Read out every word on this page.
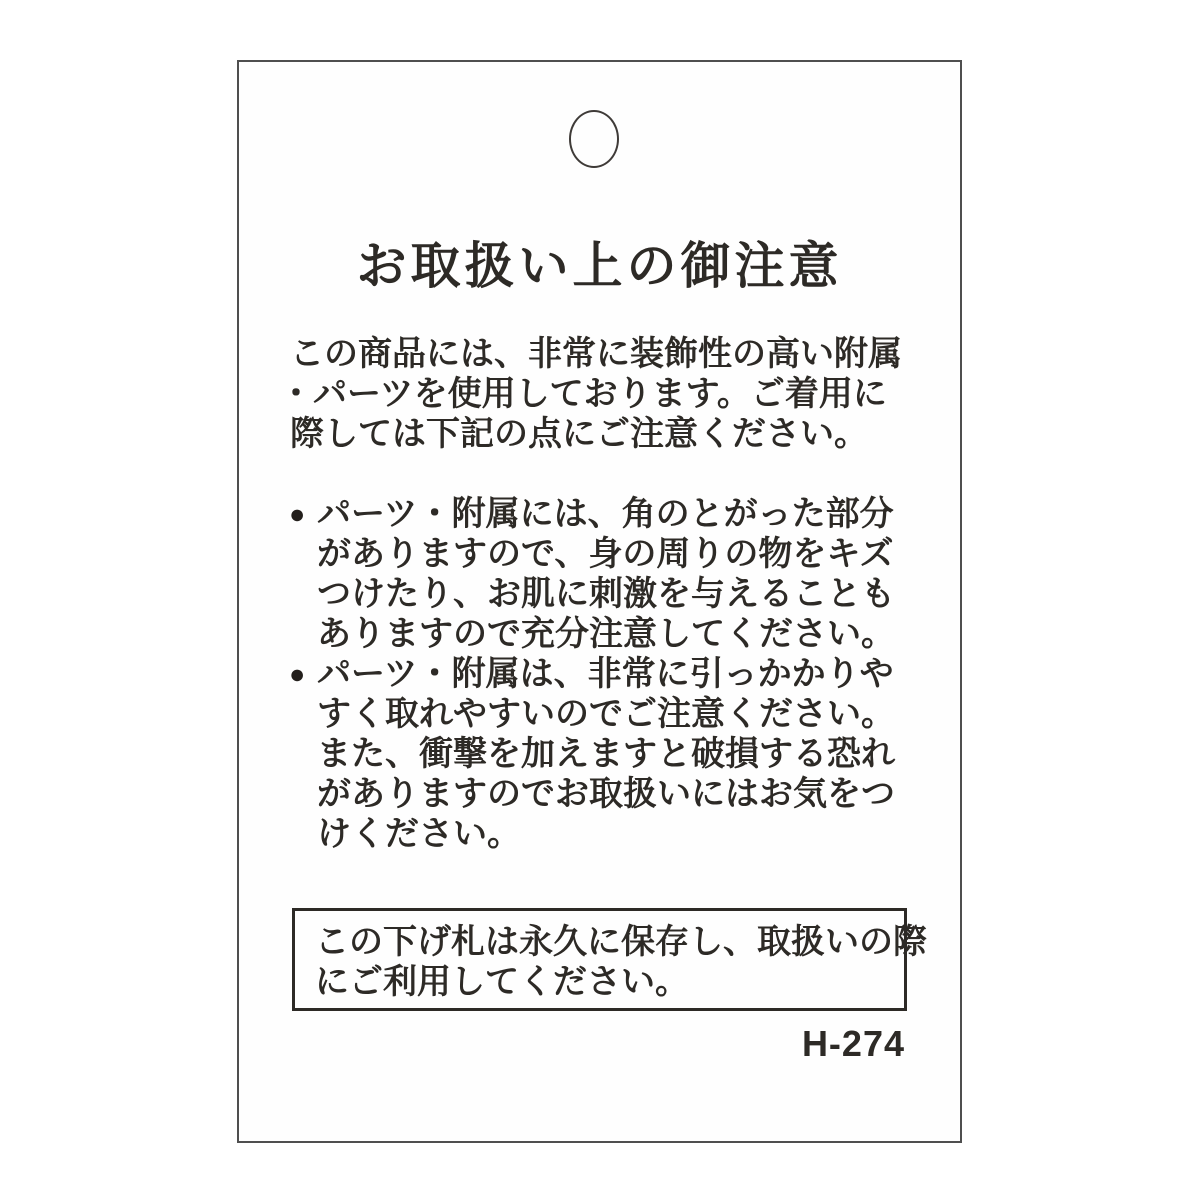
お取扱い上の御注意
この商品には、非常に装飾性の高い附属
・パーツを使用しております。ご着用に
際しては下記の点にご注意ください。
● パーツ・附属には、角のとがった部分
がありますので、身の周りの物をキズ
つけたり、お肌に刺激を与えることも
ありますので充分注意してください。
● パーツ・附属は、非常に引っかかりや
すく取れやすいのでご注意ください。
また、衝撃を加えますと破損する恐れ
がありますのでお取扱いにはお気をつ
けください。
この下げ札は永久に保存し、取扱いの際
にご利用してください。
H-274
